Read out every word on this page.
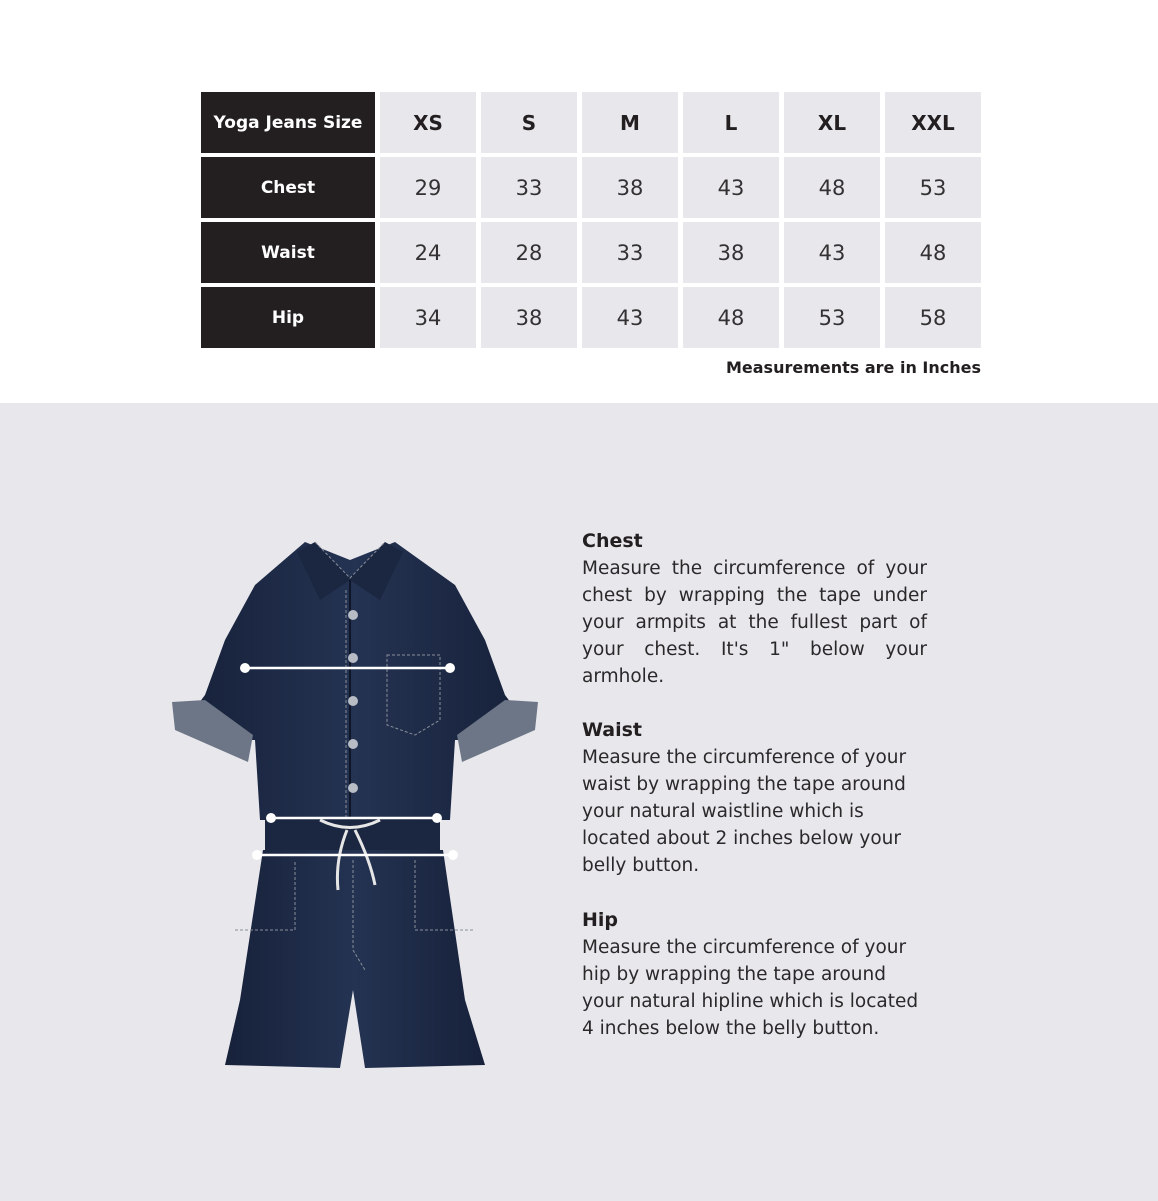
Yoga Jeans Size	XS	S	M	L	XL	XXL
Chest	29	33	38	43	48	53
Waist	24	28	33	38	43	48
Hip	34	38	43	48	53	58
Measurements are in Inches
Chest

Measure the circumference of your chest by wrapping the tape under your armpits at the fullest part of your chest. It's 1" below your armhole.

Waist

Measure the circumference of your waist by wrapping the tape around your natural waistline which is located about 2 inches below your belly button.

Hip

Measure the circumference of your hip by wrapping the tape around your natural hipline which is located 4 inches below the belly button.
